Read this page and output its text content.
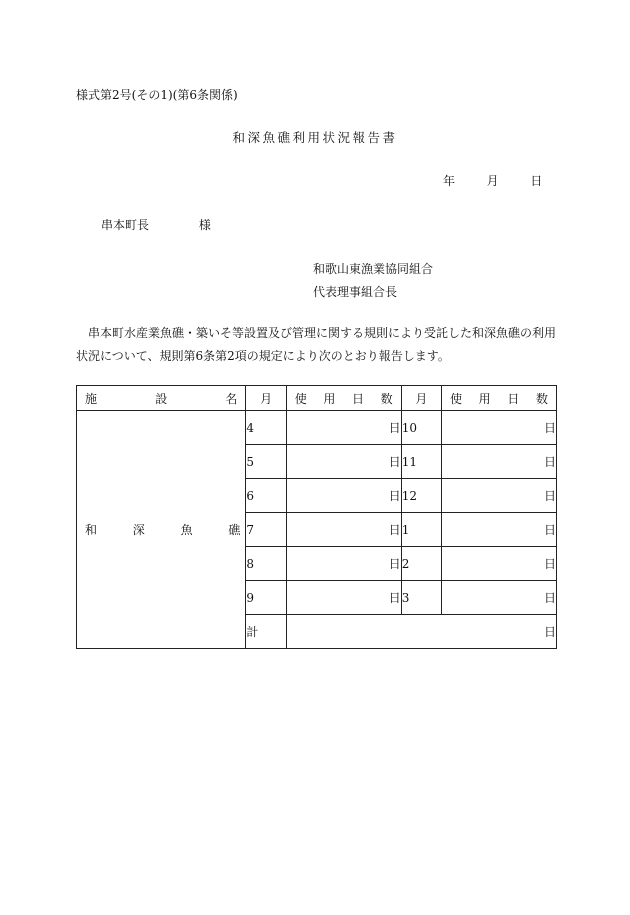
様式第2号(その1)(第6条関係)
和深魚礁利用状況報告書
年	月	日
串本町長	様
和歌山東漁業協同組合
代表理事組合長
串本町水産業魚礁・築いそ等設置及び管理に関する規則により受託した和深魚礁の利用状況について、規則第6条第2項の規定により次のとおり報告します。
施 設 名	月	使 用 日 数	月	使 用 日 数

和 深 魚 礁	4	日	10	日
	5	日	11	日
	6	日	12	日
	7	日	1	日
	8	日	2	日
	9	日	3	日
	計	日		
